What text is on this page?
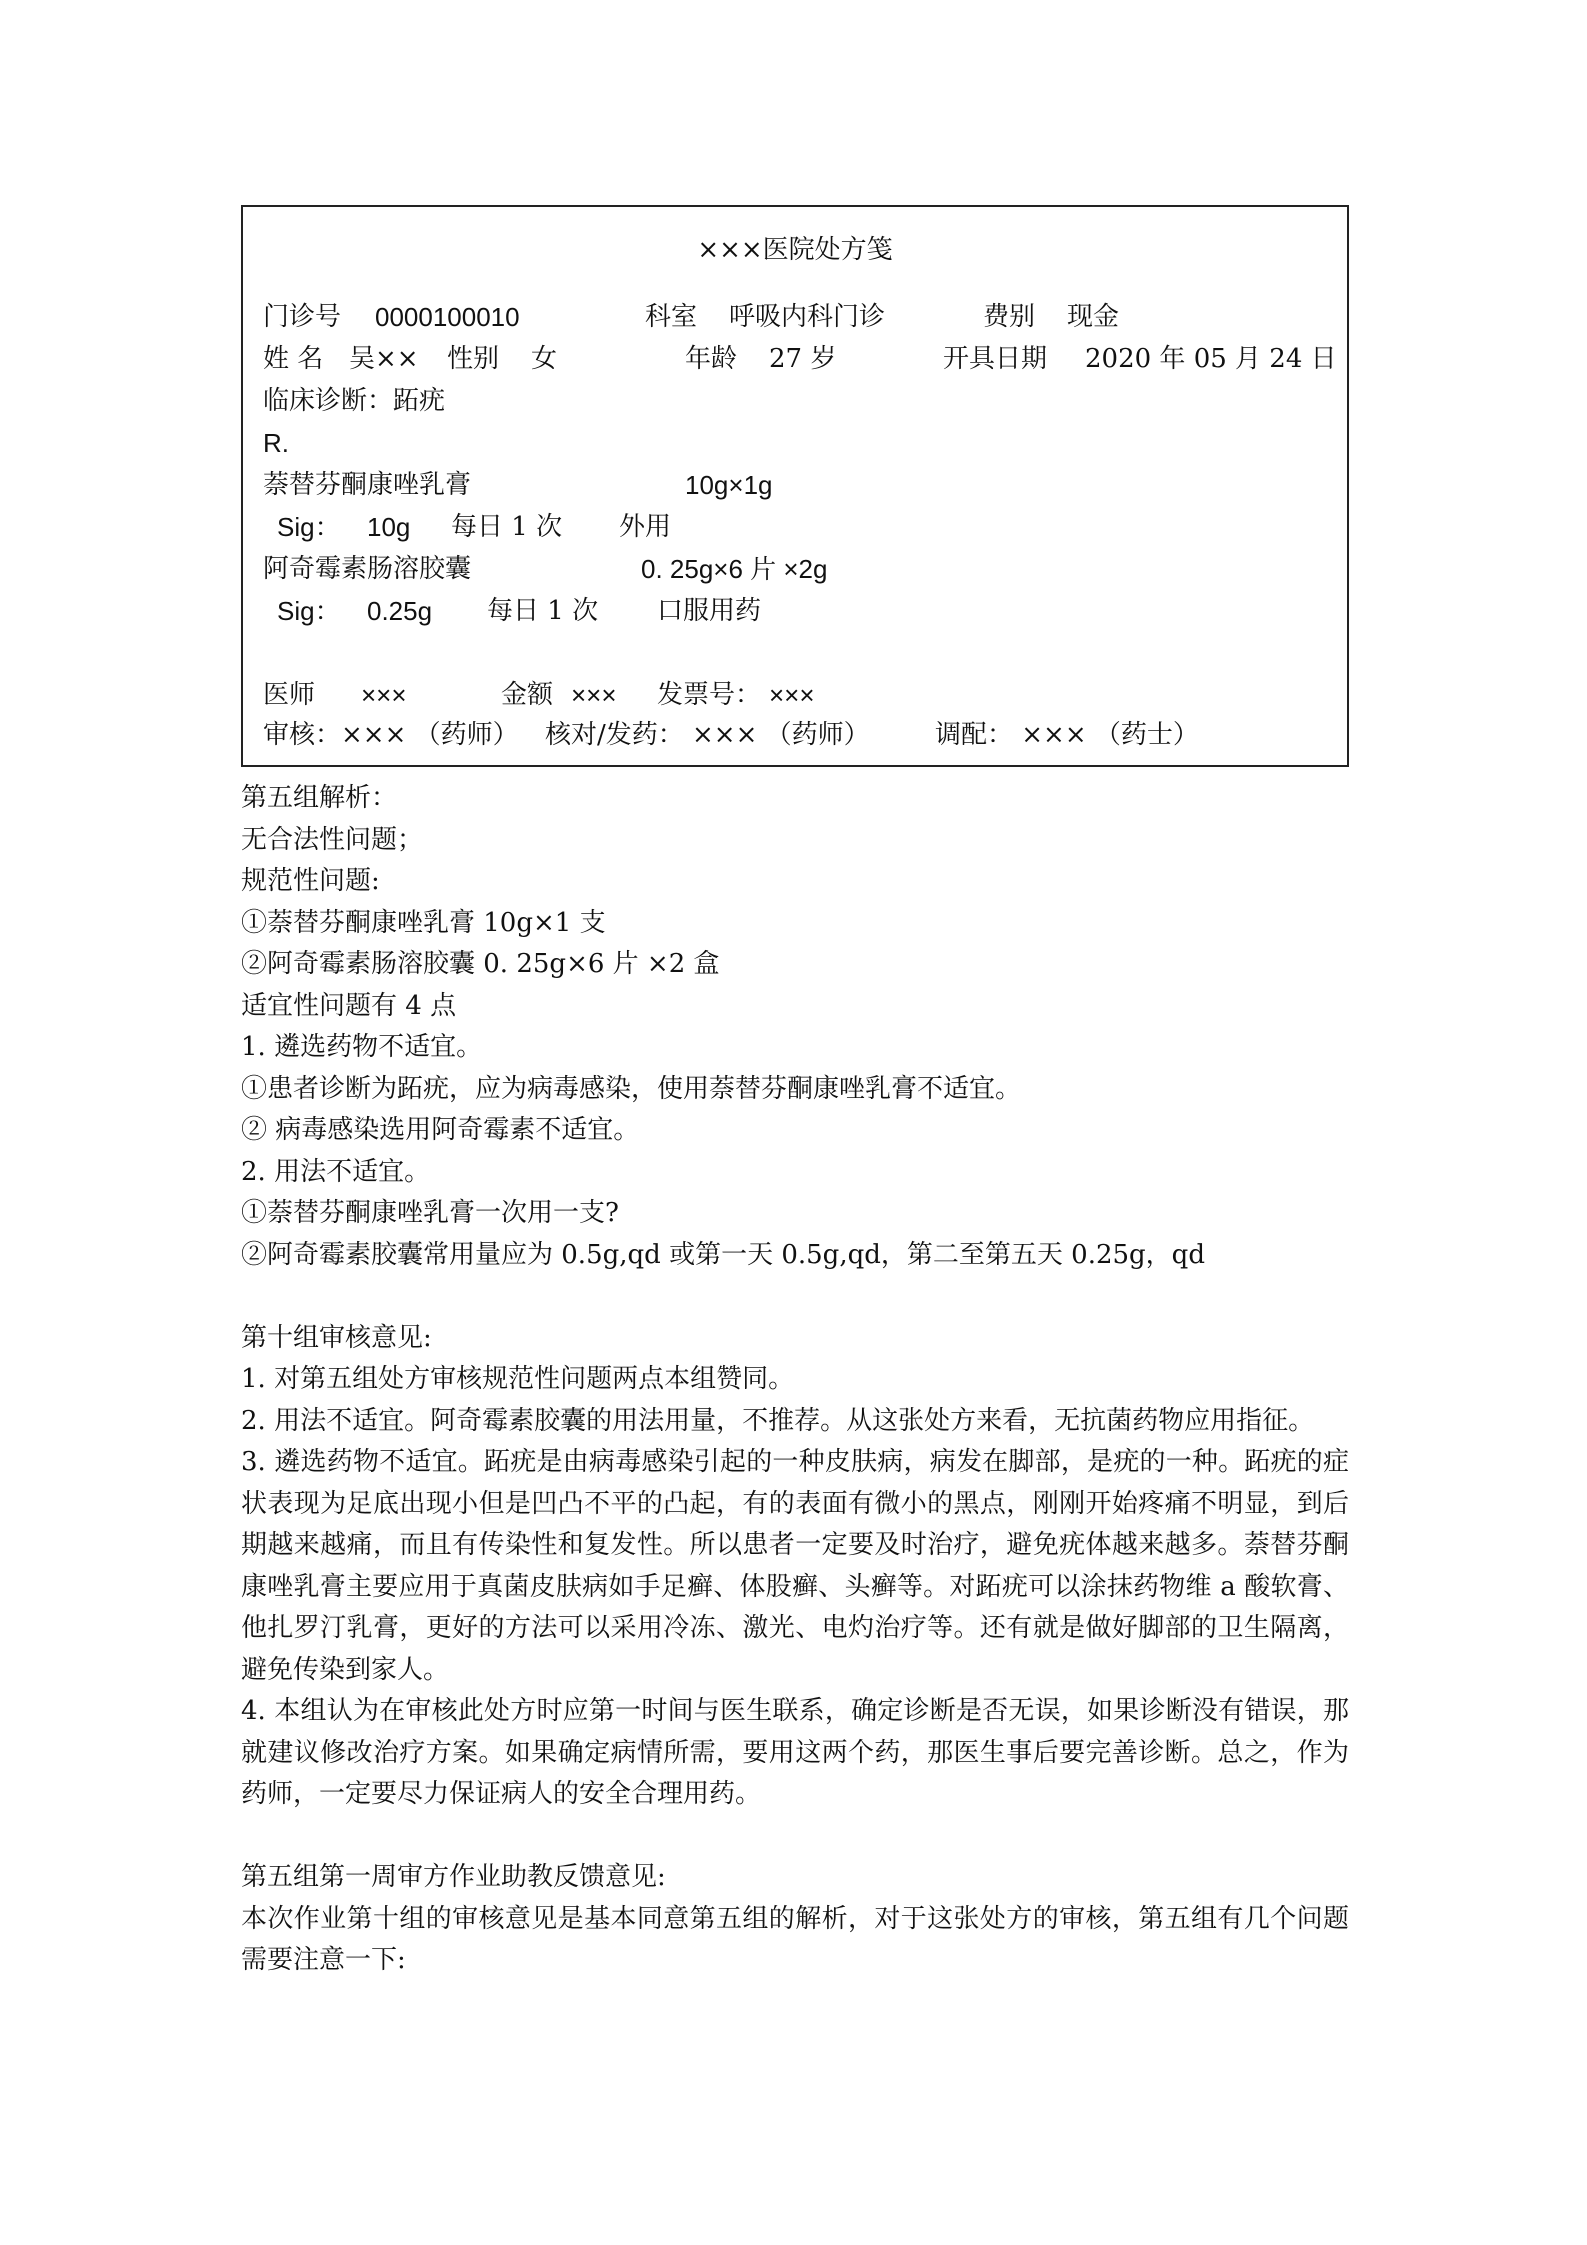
×××医院处方笺
门诊号 0000100010	科室 呼吸内科门诊	费别 现金
姓 名 吴×× 性别 女	年龄 27 岁	开具日期 2020 年 05 月 24 日
临床诊断：跖疣
R.
萘替芬酮康唑乳膏	10g×1g
Sig： 10g 每日 1 次 外用
阿奇霉素肠溶胶囊	0. 25g×6 片 ×2g
Sig： 0.25g 每日 1 次 口服用药
医师 ×××	金额 ××× 发票号： ×××
审核：××× （药师） 核对/发药： ××× （药师）	调配： ××× （药士）

第五组解析：

无合法性问题；

规范性问题:

①萘替芬酮康唑乳膏 10g×1 支

②阿奇霉素肠溶胶囊 0. 25g×6 片 ×2 盒

适宜性问题有 4 点

1. 遴选药物不适宜。

①患者诊断为跖疣，应为病毒感染，使用萘替芬酮康唑乳膏不适宜。

② 病毒感染选用阿奇霉素不适宜。

2. 用法不适宜。

①萘替芬酮康唑乳膏一次用一支?

②阿奇霉素胶囊常用量应为 0.5g,qd 或第一天 0.5g,qd，第二至第五天 0.25g，qd

第十组审核意见:

1. 对第五组处方审核规范性问题两点本组赞同。

2. 用法不适宜。阿奇霉素胶囊的用法用量，不推荐。从这张处方来看，无抗菌药物应用指征。

3. 遴选药物不适宜。跖疣是由病毒感染引起的一种皮肤病，病发在脚部，是疣的一种。跖疣的症状表现为足底出现小但是凹凸不平的凸起，有的表面有微小的黑点，刚刚开始疼痛不明显，到后期越来越痛，而且有传染性和复发性。所以患者一定要及时治疗，避免疣体越来越多。萘替芬酮康唑乳膏主要应用于真菌皮肤病如手足癣、体股癣、头癣等。对跖疣可以涂抹药物维 a 酸软膏、他扎罗汀乳膏，更好的方法可以采用冷冻、激光、电灼治疗等。还有就是做好脚部的卫生隔离，避免传染到家人。

4. 本组认为在审核此处方时应第一时间与医生联系，确定诊断是否无误，如果诊断没有错误，那就建议修改治疗方案。如果确定病情所需，要用这两个药，那医生事后要完善诊断。总之，作为药师，一定要尽力保证病人的安全合理用药。

第五组第一周审方作业助教反馈意见:

本次作业第十组的审核意见是基本同意第五组的解析，对于这张处方的审核，第五组有几个问题需要注意一下:
